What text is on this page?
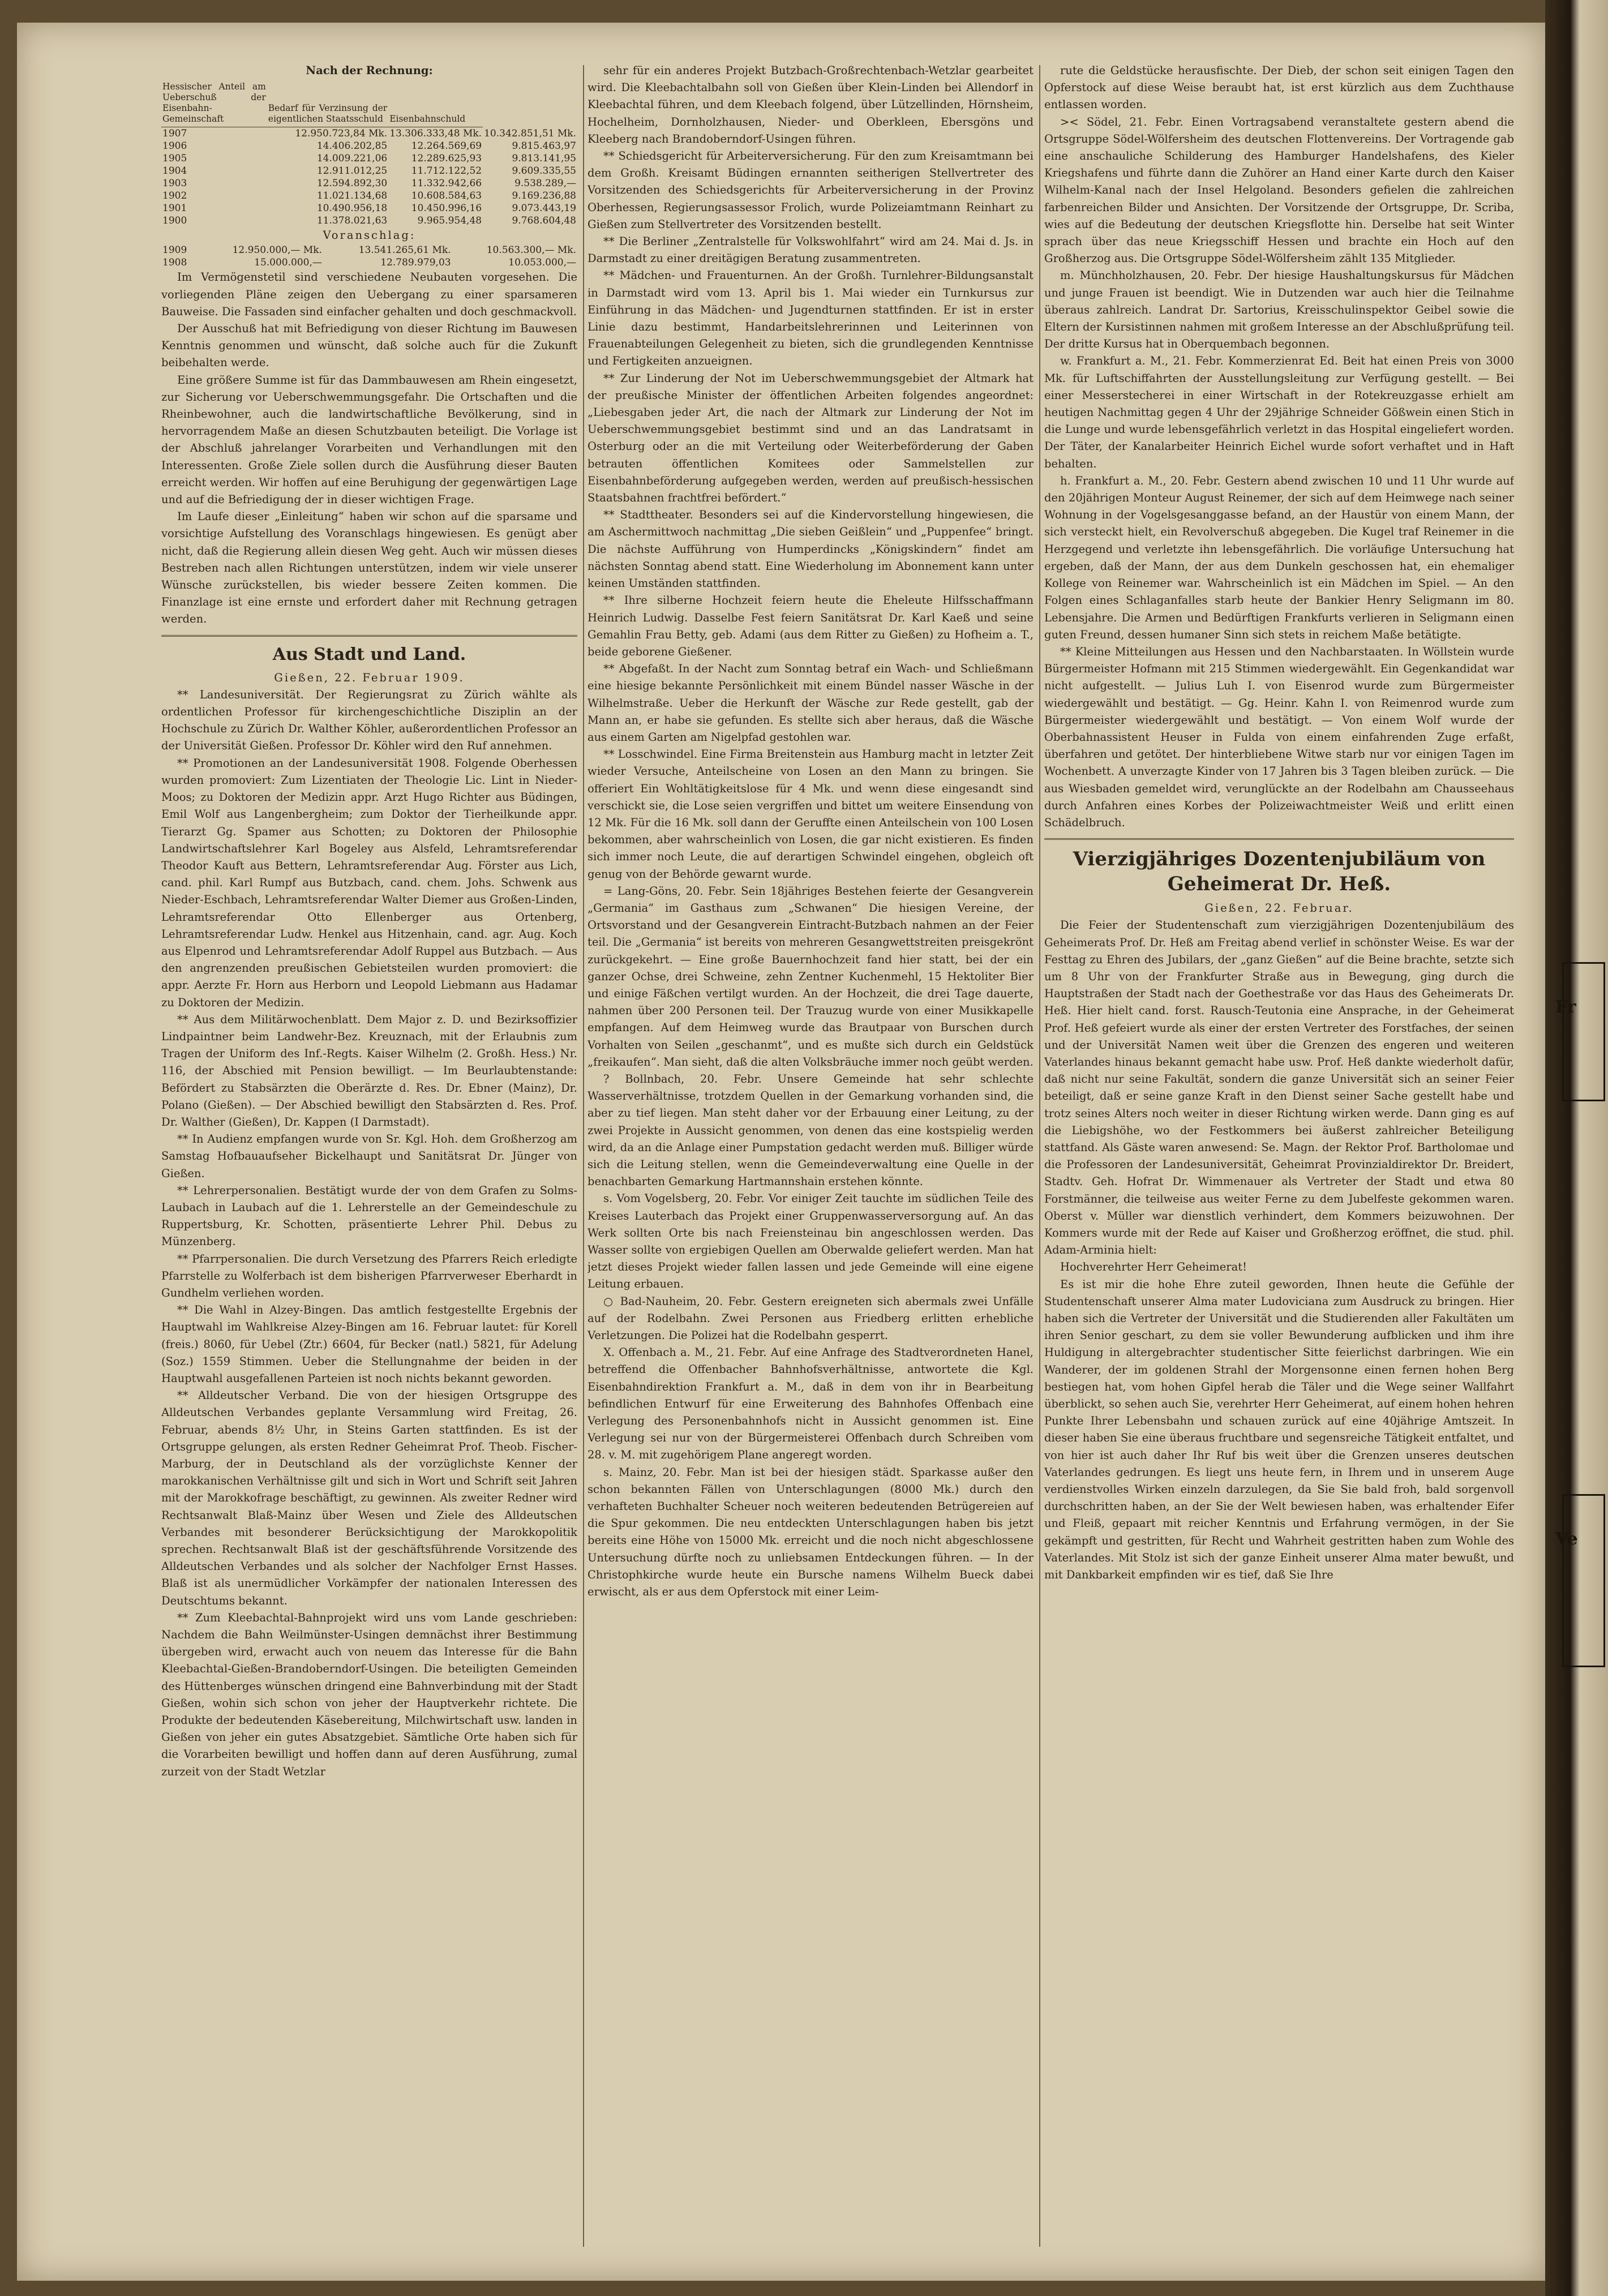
Nach der Rechnung:

Hessischer Anteil am Ueberschuß der Eisenbahn-Gemeinschaft	Bedarf für Verzinsung der eigentlichen Staatsschuld	Eisenbahnschuld	
1907	12.950.723,84 Mk.	13.306.333,48 Mk.	10.342.851,51 Mk.
1906	14.406.202,85	12.264.569,69	9.815.463,97
1905	14.009.221,06	12.289.625,93	9.813.141,95
1904	12.911.012,25	11.712.122,52	9.609.335,55
1903	12.594.892,30	11.332.942,66	9.538.289,—
1902	11.021.134,68	10.608.584,63	9.169.236,88
1901	10.490.956,18	10.450.996,16	9.073.443,19
1900	11.378.021,63	9.965.954,48	9.768.604,48

Voranschlag:

1909	12.950.000,— Mk.	13.541.265,61 Mk.	10.563.300,— Mk.
1908	15.000.000,—	12.789.979,03	10.053.000,—

Im Vermögenstetil sind verschiedene Neubauten vorgesehen. Die vorliegenden Pläne zeigen den Uebergang zu einer sparsameren Bauweise. Die Fassaden sind einfacher gehalten und doch geschmackvoll.

Der Ausschuß hat mit Befriedigung von dieser Richtung im Bauwesen Kenntnis genommen und wünscht, daß solche auch für die Zukunft beibehalten werde.

Eine größere Summe ist für das Dammbauwesen am Rhein eingesetzt, zur Sicherung vor Ueberschwemmungsgefahr. Die Ortschaften und die Rheinbewohner, auch die landwirtschaftliche Bevölkerung, sind in hervorragendem Maße an diesen Schutzbauten beteiligt. Die Vorlage ist der Abschluß jahrelanger Vorarbeiten und Verhandlungen mit den Interessenten. Große Ziele sollen durch die Ausführung dieser Bauten erreicht werden. Wir hoffen auf eine Beruhigung der gegenwärtigen Lage und auf die Befriedigung der in dieser wichtigen Frage.

Im Laufe dieser „Einleitung“ haben wir schon auf die sparsame und vorsichtige Aufstellung des Voranschlags hingewiesen. Es genügt aber nicht, daß die Regierung allein diesen Weg geht. Auch wir müssen dieses Bestreben nach allen Richtungen unterstützen, indem wir viele unserer Wünsche zurückstellen, bis wieder bessere Zeiten kommen. Die Finanzlage ist eine ernste und erfordert daher mit Rechnung getragen werden.

Aus Stadt und Land.

Gießen, 22. Februar 1909.

** Landesuniversität. Der Regierungsrat zu Zürich wählte als ordentlichen Professor für kirchengeschichtliche Disziplin an der Hochschule zu Zürich Dr. Walther Köhler, außerordentlichen Professor an der Universität Gießen. Professor Dr. Köhler wird den Ruf annehmen.

** Promotionen an der Landesuniversität 1908. Folgende Oberhessen wurden promoviert: Zum Lizentiaten der Theologie Lic. Lint in Nieder-Moos; zu Doktoren der Medizin appr. Arzt Hugo Richter aus Büdingen, Emil Wolf aus Langenbergheim; zum Doktor der Tierheilkunde appr. Tierarzt Gg. Spamer aus Schotten; zu Doktoren der Philosophie Landwirtschaftslehrer Karl Bogeley aus Alsfeld, Lehramtsreferendar Theodor Kauft aus Bettern, Lehramtsreferendar Aug. Förster aus Lich, cand. phil. Karl Rumpf aus Butzbach, cand. chem. Johs. Schwenk aus Nieder-Eschbach, Lehramtsreferendar Walter Diemer aus Großen-Linden, Lehramtsreferendar Otto Ellenberger aus Ortenberg, Lehramtsreferendar Ludw. Henkel aus Hitzenhain, cand. agr. Aug. Koch aus Elpenrod und Lehramtsreferendar Adolf Ruppel aus Butzbach. — Aus den angrenzenden preußischen Gebietsteilen wurden promoviert: die appr. Aerzte Fr. Horn aus Herborn und Leopold Liebmann aus Hadamar zu Doktoren der Medizin.

** Aus dem Militärwochenblatt. Dem Major z. D. und Bezirksoffizier Lindpaintner beim Landwehr-Bez. Kreuznach, mit der Erlaubnis zum Tragen der Uniform des Inf.-Regts. Kaiser Wilhelm (2. Großh. Hess.) Nr. 116, der Abschied mit Pension bewilligt. — Im Beurlaubtenstande: Befördert zu Stabsärzten die Oberärzte d. Res. Dr. Ebner (Mainz), Dr. Polano (Gießen). — Der Abschied bewilligt den Stabsärzten d. Res. Prof. Dr. Walther (Gießen), Dr. Kappen (I Darmstadt).

** In Audienz empfangen wurde von Sr. Kgl. Hoh. dem Großherzog am Samstag Hofbauaufseher Bickelhaupt und Sanitätsrat Dr. Jünger von Gießen.

** Lehrerpersonalien. Bestätigt wurde der von dem Grafen zu Solms-Laubach in Laubach auf die 1. Lehrerstelle an der Gemeindeschule zu Ruppertsburg, Kr. Schotten, präsentierte Lehrer Phil. Debus zu Münzenberg.

** Pfarrpersonalien. Die durch Versetzung des Pfarrers Reich erledigte Pfarrstelle zu Wolferbach ist dem bisherigen Pfarrverweser Eberhardt in Gundhelm verliehen worden.

** Die Wahl in Alzey-Bingen. Das amtlich festgestellte Ergebnis der Hauptwahl im Wahlkreise Alzey-Bingen am 16. Februar lautet: für Korell (freis.) 8060, für Uebel (Ztr.) 6604, für Becker (natl.) 5821, für Adelung (Soz.) 1559 Stimmen. Ueber die Stellungnahme der beiden in der Hauptwahl ausgefallenen Parteien ist noch nichts bekannt geworden.

** Alldeutscher Verband. Die von der hiesigen Ortsgruppe des Alldeutschen Verbandes geplante Versammlung wird Freitag, 26. Februar, abends 8½ Uhr, in Steins Garten stattfinden. Es ist der Ortsgruppe gelungen, als ersten Redner Geheimrat Prof. Theob. Fischer-Marburg, der in Deutschland als der vorzüglichste Kenner der marokkanischen Verhältnisse gilt und sich in Wort und Schrift seit Jahren mit der Marokkofrage beschäftigt, zu gewinnen. Als zweiter Redner wird Rechtsanwalt Blaß-Mainz über Wesen und Ziele des Alldeutschen Verbandes mit besonderer Berücksichtigung der Marokkopolitik sprechen. Rechtsanwalt Blaß ist der geschäftsführende Vorsitzende des Alldeutschen Verbandes und als solcher der Nachfolger Ernst Hasses. Blaß ist als unermüdlicher Vorkämpfer der nationalen Interessen des Deutschtums bekannt.

** Zum Kleebachtal-Bahnprojekt wird uns vom Lande geschrieben: Nachdem die Bahn Weilmünster-Usingen demnächst ihrer Bestimmung übergeben wird, erwacht auch von neuem das Interesse für die Bahn Kleebachtal-Gießen-Brandoberndorf-Usingen. Die beteiligten Gemeinden des Hüttenberges wünschen dringend eine Bahnverbindung mit der Stadt Gießen, wohin sich schon von jeher der Hauptverkehr richtete. Die Produkte der bedeutenden Käsebereitung, Milchwirtschaft usw. landen in Gießen von jeher ein gutes Absatzgebiet. Sämtliche Orte haben sich für die Vorarbeiten bewilligt und hoffen dann auf deren Ausführung, zumal zurzeit von der Stadt Wetzlar

sehr für ein anderes Projekt Butzbach-Großrechtenbach-Wetzlar gearbeitet wird. Die Kleebachtalbahn soll von Gießen über Klein-Linden bei Allendorf in Kleebachtal führen, und dem Kleebach folgend, über Lützellinden, Hörnsheim, Hochelheim, Dornholzhausen, Nieder- und Oberkleen, Ebersgöns und Kleeberg nach Brandoberndorf-Usingen führen.

** Schiedsgericht für Arbeiterversicherung. Für den zum Kreisamtmann bei dem Großh. Kreisamt Büdingen ernannten seitherigen Stellvertreter des Vorsitzenden des Schiedsgerichts für Arbeiterversicherung in der Provinz Oberhessen, Regierungsassessor Frolich, wurde Polizeiamtmann Reinhart zu Gießen zum Stellvertreter des Vorsitzenden bestellt.

** Die Berliner „Zentralstelle für Volkswohlfahrt“ wird am 24. Mai d. Js. in Darmstadt zu einer dreitägigen Beratung zusammentreten.

** Mädchen- und Frauenturnen. An der Großh. Turnlehrer-Bildungsanstalt in Darmstadt wird vom 13. April bis 1. Mai wieder ein Turnkursus zur Einführung in das Mädchen- und Jugendturnen stattfinden. Er ist in erster Linie dazu bestimmt, Handarbeitslehrerinnen und Leiterinnen von Frauenabteilungen Gelegenheit zu bieten, sich die grundlegenden Kenntnisse und Fertigkeiten anzueignen.

** Zur Linderung der Not im Ueberschwemmungsgebiet der Altmark hat der preußische Minister der öffentlichen Arbeiten folgendes angeordnet: „Liebesgaben jeder Art, die nach der Altmark zur Linderung der Not im Ueberschwemmungsgebiet bestimmt sind und an das Landratsamt in Osterburg oder an die mit Verteilung oder Weiterbeförderung der Gaben betrauten öffentlichen Komitees oder Sammelstellen zur Eisenbahnbeförderung aufgegeben werden, werden auf preußisch-hessischen Staatsbahnen frachtfrei befördert.“

** Stadttheater. Besonders sei auf die Kindervorstellung hingewiesen, die am Aschermittwoch nachmittag „Die sieben Geißlein“ und „Puppenfee“ bringt. Die nächste Aufführung von Humperdincks „Königskindern“ findet am nächsten Sonntag abend statt. Eine Wiederholung im Abonnement kann unter keinen Umständen stattfinden.

** Ihre silberne Hochzeit feiern heute die Eheleute Hilfsschaffmann Heinrich Ludwig. Dasselbe Fest feiern Sanitätsrat Dr. Karl Kaeß und seine Gemahlin Frau Betty, geb. Adami (aus dem Ritter zu Gießen) zu Hofheim a. T., beide geborene Gießener.

** Abgefaßt. In der Nacht zum Sonntag betraf ein Wach- und Schließmann eine hiesige bekannte Persönlichkeit mit einem Bündel nasser Wäsche in der Wilhelmstraße. Ueber die Herkunft der Wäsche zur Rede gestellt, gab der Mann an, er habe sie gefunden. Es stellte sich aber heraus, daß die Wäsche aus einem Garten am Nigelpfad gestohlen war.

** Losschwindel. Eine Firma Breitenstein aus Hamburg macht in letzter Zeit wieder Versuche, Anteilscheine von Losen an den Mann zu bringen. Sie offeriert Ein Wohltätigkeitslose für 4 Mk. und wenn diese eingesandt sind verschickt sie, die Lose seien vergriffen und bittet um weitere Einsendung von 12 Mk. Für die 16 Mk. soll dann der Geruffte einen Anteilschein von 100 Losen bekommen, aber wahrscheinlich von Losen, die gar nicht existieren. Es finden sich immer noch Leute, die auf derartigen Schwindel eingehen, obgleich oft genug von der Behörde gewarnt wurde.

= Lang-Göns, 20. Febr. Sein 18jähriges Bestehen feierte der Gesangverein „Germania“ im Gasthaus zum „Schwanen“ Die hiesigen Vereine, der Ortsvorstand und der Gesangverein Eintracht-Butzbach nahmen an der Feier teil. Die „Germania“ ist bereits von mehreren Gesangwettstreiten preisgekrönt zurückgekehrt. — Eine große Bauernhochzeit fand hier statt, bei der ein ganzer Ochse, drei Schweine, zehn Zentner Kuchenmehl, 15 Hektoliter Bier und einige Fäßchen vertilgt wurden. An der Hochzeit, die drei Tage dauerte, nahmen über 200 Personen teil. Der Trauzug wurde von einer Musikkapelle empfangen. Auf dem Heimweg wurde das Brautpaar von Burschen durch Vorhalten von Seilen „geschanmt“, und es mußte sich durch ein Geldstück „freikaufen“. Man sieht, daß die alten Volksbräuche immer noch geübt werden.

? Bollnbach, 20. Febr. Unsere Gemeinde hat sehr schlechte Wasserverhältnisse, trotzdem Quellen in der Gemarkung vorhanden sind, die aber zu tief liegen. Man steht daher vor der Erbauung einer Leitung, zu der zwei Projekte in Aussicht genommen, von denen das eine kostspielig werden wird, da an die Anlage einer Pumpstation gedacht werden muß. Billiger würde sich die Leitung stellen, wenn die Gemeindeverwaltung eine Quelle in der benachbarten Gemarkung Hartmannshain erstehen könnte.

s. Vom Vogelsberg, 20. Febr. Vor einiger Zeit tauchte im südlichen Teile des Kreises Lauterbach das Projekt einer Gruppenwasserversorgung auf. An das Werk sollten Orte bis nach Freiensteinau bin angeschlossen werden. Das Wasser sollte von ergiebigen Quellen am Oberwalde geliefert werden. Man hat jetzt dieses Projekt wieder fallen lassen und jede Gemeinde will eine eigene Leitung erbauen.

○ Bad-Nauheim, 20. Febr. Gestern ereigneten sich abermals zwei Unfälle auf der Rodelbahn. Zwei Personen aus Friedberg erlitten erhebliche Verletzungen. Die Polizei hat die Rodelbahn gesperrt.

X. Offenbach a. M., 21. Febr. Auf eine Anfrage des Stadtverordneten Hanel, betreffend die Offenbacher Bahnhofsverhältnisse, antwortete die Kgl. Eisenbahndirektion Frankfurt a. M., daß in dem von ihr in Bearbeitung befindlichen Entwurf für eine Erweiterung des Bahnhofes Offenbach eine Verlegung des Personenbahnhofs nicht in Aussicht genommen ist. Eine Verlegung sei nur von der Bürgermeisterei Offenbach durch Schreiben vom 28. v. M. mit zugehörigem Plane angeregt worden.

s. Mainz, 20. Febr. Man ist bei der hiesigen städt. Sparkasse außer den schon bekannten Fällen von Unterschlagungen (8000 Mk.) durch den verhafteten Buchhalter Scheuer noch weiteren bedeutenden Betrügereien auf die Spur gekommen. Die neu entdeckten Unterschlagungen haben bis jetzt bereits eine Höhe von 15000 Mk. erreicht und die noch nicht abgeschlossene Untersuchung dürfte noch zu unliebsamen Entdeckungen führen. — In der Christophkirche wurde heute ein Bursche namens Wilhelm Bueck dabei erwischt, als er aus dem Opferstock mit einer Leim-

rute die Geldstücke herausfischte. Der Dieb, der schon seit einigen Tagen den Opferstock auf diese Weise beraubt hat, ist erst kürzlich aus dem Zuchthause entlassen worden.

>< Södel, 21. Febr. Einen Vortragsabend veranstaltete gestern abend die Ortsgruppe Södel-Wölfersheim des deutschen Flottenvereins. Der Vortragende gab eine anschauliche Schilderung des Hamburger Handelshafens, des Kieler Kriegshafens und führte dann die Zuhörer an Hand einer Karte durch den Kaiser Wilhelm-Kanal nach der Insel Helgoland. Besonders gefielen die zahlreichen farbenreichen Bilder und Ansichten. Der Vorsitzende der Ortsgruppe, Dr. Scriba, wies auf die Bedeutung der deutschen Kriegsflotte hin. Derselbe hat seit Winter sprach über das neue Kriegsschiff Hessen und brachte ein Hoch auf den Großherzog aus. Die Ortsgruppe Södel-Wölfersheim zählt 135 Mitglieder.

m. Münchholzhausen, 20. Febr. Der hiesige Haushaltungskursus für Mädchen und junge Frauen ist beendigt. Wie in Dutzenden war auch hier die Teilnahme überaus zahlreich. Landrat Dr. Sartorius, Kreisschulinspektor Geibel sowie die Eltern der Kursistinnen nahmen mit großem Interesse an der Abschlußprüfung teil. Der dritte Kursus hat in Oberquembach begonnen.

w. Frankfurt a. M., 21. Febr. Kommerzienrat Ed. Beit hat einen Preis von 3000 Mk. für Luftschiffahrten der Ausstellungsleitung zur Verfügung gestellt. — Bei einer Messerstecherei in einer Wirtschaft in der Rotekreuzgasse erhielt am heutigen Nachmittag gegen 4 Uhr der 29jährige Schneider Gößwein einen Stich in die Lunge und wurde lebensgefährlich verletzt in das Hospital eingeliefert worden. Der Täter, der Kanalarbeiter Heinrich Eichel wurde sofort verhaftet und in Haft behalten.

h. Frankfurt a. M., 20. Febr. Gestern abend zwischen 10 und 11 Uhr wurde auf den 20jährigen Monteur August Reinemer, der sich auf dem Heimwege nach seiner Wohnung in der Vogelsgesanggasse befand, an der Haustür von einem Mann, der sich versteckt hielt, ein Revolverschuß abgegeben. Die Kugel traf Reinemer in die Herzgegend und verletzte ihn lebensgefährlich. Die vorläufige Untersuchung hat ergeben, daß der Mann, der aus dem Dunkeln geschossen hat, ein ehemaliger Kollege von Reinemer war. Wahrscheinlich ist ein Mädchen im Spiel. — An den Folgen eines Schlaganfalles starb heute der Bankier Henry Seligmann im 80. Lebensjahre. Die Armen und Bedürftigen Frankfurts verlieren in Seligmann einen guten Freund, dessen humaner Sinn sich stets in reichem Maße betätigte.

** Kleine Mitteilungen aus Hessen und den Nachbarstaaten. In Wöllstein wurde Bürgermeister Hofmann mit 215 Stimmen wiedergewählt. Ein Gegenkandidat war nicht aufgestellt. — Julius Luh I. von Eisenrod wurde zum Bürgermeister wiedergewählt und bestätigt. — Gg. Heinr. Kahn I. von Reimenrod wurde zum Bürgermeister wiedergewählt und bestätigt. — Von einem Wolf wurde der Oberbahnassistent Heuser in Fulda von einem einfahrenden Zuge erfaßt, überfahren und getötet. Der hinterbliebene Witwe starb nur vor einigen Tagen im Wochenbett. A unverzagte Kinder von 17 Jahren bis 3 Tagen bleiben zurück. — Die aus Wiesbaden gemeldet wird, verunglückte an der Rodelbahn am Chausseehaus durch Anfahren eines Korbes der Polizeiwachtmeister Weiß und erlitt einen Schädelbruch.

Vierzigjähriges Dozentenjubiläum von Geheimerat Dr. Heß.

Gießen, 22. Februar.

Die Feier der Studentenschaft zum vierzigjährigen Dozentenjubiläum des Geheimerats Prof. Dr. Heß am Freitag abend verlief in schönster Weise. Es war der Festtag zu Ehren des Jubilars, der „ganz Gießen“ auf die Beine brachte, setzte sich um 8 Uhr von der Frankfurter Straße aus in Bewegung, ging durch die Hauptstraßen der Stadt nach der Goethestraße vor das Haus des Geheimerats Dr. Heß. Hier hielt cand. forst. Rausch-Teutonia eine Ansprache, in der Geheimerat Prof. Heß gefeiert wurde als einer der ersten Vertreter des Forstfaches, der seinen und der Universität Namen weit über die Grenzen des engeren und weiteren Vaterlandes hinaus bekannt gemacht habe usw. Prof. Heß dankte wiederholt dafür, daß nicht nur seine Fakultät, sondern die ganze Universität sich an seiner Feier beteiligt, daß er seine ganze Kraft in den Dienst seiner Sache gestellt habe und trotz seines Alters noch weiter in dieser Richtung wirken werde. Dann ging es auf die Liebigshöhe, wo der Festkommers bei äußerst zahlreicher Beteiligung stattfand. Als Gäste waren anwesend: Se. Magn. der Rektor Prof. Bartholomae und die Professoren der Landesuniversität, Geheimrat Provinzialdirektor Dr. Breidert, Stadtv. Geh. Hofrat Dr. Wimmenauer als Vertreter der Stadt und etwa 80 Forstmänner, die teilweise aus weiter Ferne zu dem Jubelfeste gekommen waren. Oberst v. Müller war dienstlich verhindert, dem Kommers beizuwohnen. Der Kommers wurde mit der Rede auf Kaiser und Großherzog eröffnet, die stud. phil. Adam-Arminia hielt:

Hochverehrter Herr Geheimerat!

Es ist mir die hohe Ehre zuteil geworden, Ihnen heute die Gefühle der Studentenschaft unserer Alma mater Ludoviciana zum Ausdruck zu bringen. Hier haben sich die Vertreter der Universität und die Studierenden aller Fakultäten um ihren Senior geschart, zu dem sie voller Bewunderung aufblicken und ihm ihre Huldigung in altergebrachter studentischer Sitte feierlichst darbringen. Wie ein Wanderer, der im goldenen Strahl der Morgensonne einen fernen hohen Berg bestiegen hat, vom hohen Gipfel herab die Täler und die Wege seiner Wallfahrt überblickt, so sehen auch Sie, verehrter Herr Geheimerat, auf einem hohen hehren Punkte Ihrer Lebensbahn und schauen zurück auf eine 40jährige Amtszeit. In dieser haben Sie eine überaus fruchtbare und segensreiche Tätigkeit entfaltet, und von hier ist auch daher Ihr Ruf bis weit über die Grenzen unseres deutschen Vaterlandes gedrungen. Es liegt uns heute fern, in Ihrem und in unserem Auge verdienstvolles Wirken einzeln darzulegen, da Sie Sie bald froh, bald sorgenvoll durchschritten haben, an der Sie der Welt bewiesen haben, was erhaltender Eifer und Fleiß, gepaart mit reicher Kenntnis und Erfahrung vermögen, in der Sie gekämpft und gestritten, für Recht und Wahrheit gestritten haben zum Wohle des Vaterlandes. Mit Stolz ist sich der ganze Einheit unserer Alma mater bewußt, und mit Dankbarkeit empfinden wir es tief, daß Sie Ihre

Fr
Ve
